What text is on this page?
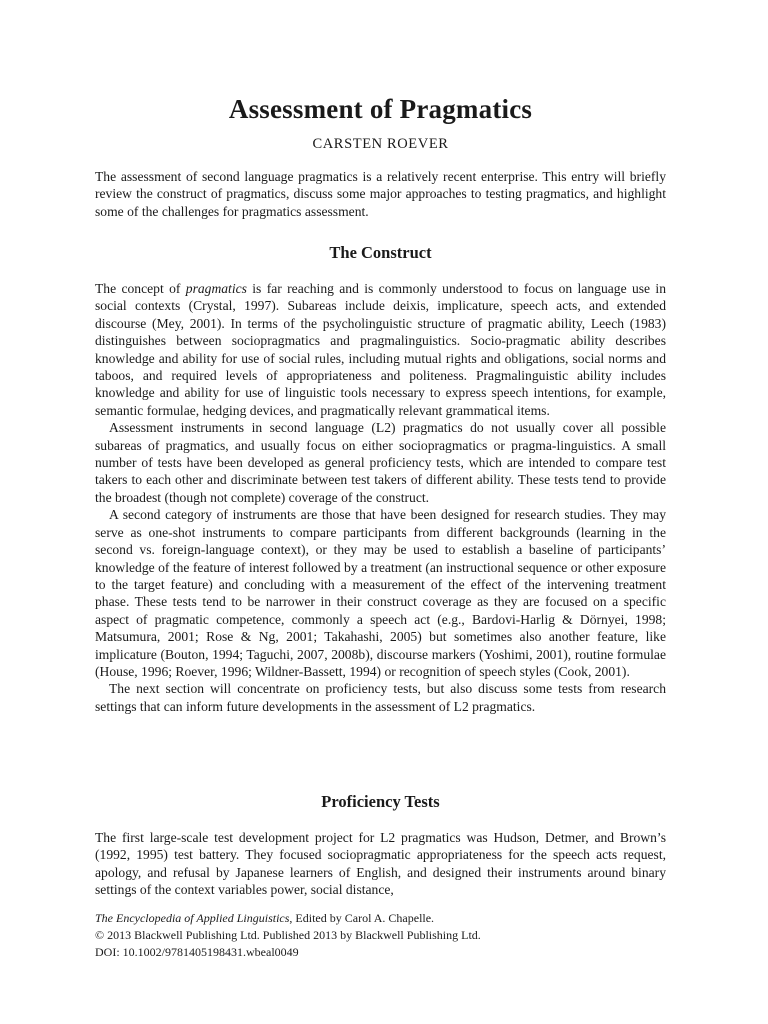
Assessment of Pragmatics
CARSTEN ROEVER

The assessment of second language pragmatics is a relatively recent enterprise. This entry will briefly review the construct of pragmatics, discuss some major approaches to testing pragmatics, and highlight some of the challenges for pragmatics assessment.

The Construct

The concept of pragmatics is far reaching and is commonly understood to focus on language use in social contexts (Crystal, 1997). Subareas include deixis, implicature, speech acts, and extended discourse (Mey, 2001). In terms of the psycholinguistic structure of pragmatic ability, Leech (1983) distinguishes between sociopragmatics and pragmalinguistics. Socio-pragmatic ability describes knowledge and ability for use of social rules, including mutual rights and obligations, social norms and taboos, and required levels of appropriateness and politeness. Pragmalinguistic ability includes knowledge and ability for use of linguistic tools necessary to express speech intentions, for example, semantic formulae, hedging devices, and pragmatically relevant grammatical items.

Assessment instruments in second language (L2) pragmatics do not usually cover all possible subareas of pragmatics, and usually focus on either sociopragmatics or pragma-linguistics. A small number of tests have been developed as general proficiency tests, which are intended to compare test takers to each other and discriminate between test takers of different ability. These tests tend to provide the broadest (though not complete) coverage of the construct.

A second category of instruments are those that have been designed for research studies. They may serve as one-shot instruments to compare participants from different backgrounds (learning in the second vs. foreign-language context), or they may be used to establish a baseline of participants’ knowledge of the feature of interest followed by a treatment (an instructional sequence or other exposure to the target feature) and concluding with a measurement of the effect of the intervening treatment phase. These tests tend to be narrower in their construct coverage as they are focused on a specific aspect of pragmatic competence, commonly a speech act (e.g., Bardovi-Harlig & Dörnyei, 1998; Matsumura, 2001; Rose & Ng, 2001; Takahashi, 2005) but sometimes also another feature, like implicature (Bouton, 1994; Taguchi, 2007, 2008b), discourse markers (Yoshimi, 2001), routine formulae (House, 1996; Roever, 1996; Wildner-Bassett, 1994) or recognition of speech styles (Cook, 2001).

The next section will concentrate on proficiency tests, but also discuss some tests from research settings that can inform future developments in the assessment of L2 pragmatics.

Proficiency Tests

The first large-scale test development project for L2 pragmatics was Hudson, Detmer, and Brown’s (1992, 1995) test battery. They focused sociopragmatic appropriateness for the speech acts request, apology, and refusal by Japanese learners of English, and designed their instruments around binary settings of the context variables power, social distance,

The Encyclopedia of Applied Linguistics, Edited by Carol A. Chapelle.
© 2013 Blackwell Publishing Ltd. Published 2013 by Blackwell Publishing Ltd.
DOI: 10.1002/9781405198431.wbeal0049
